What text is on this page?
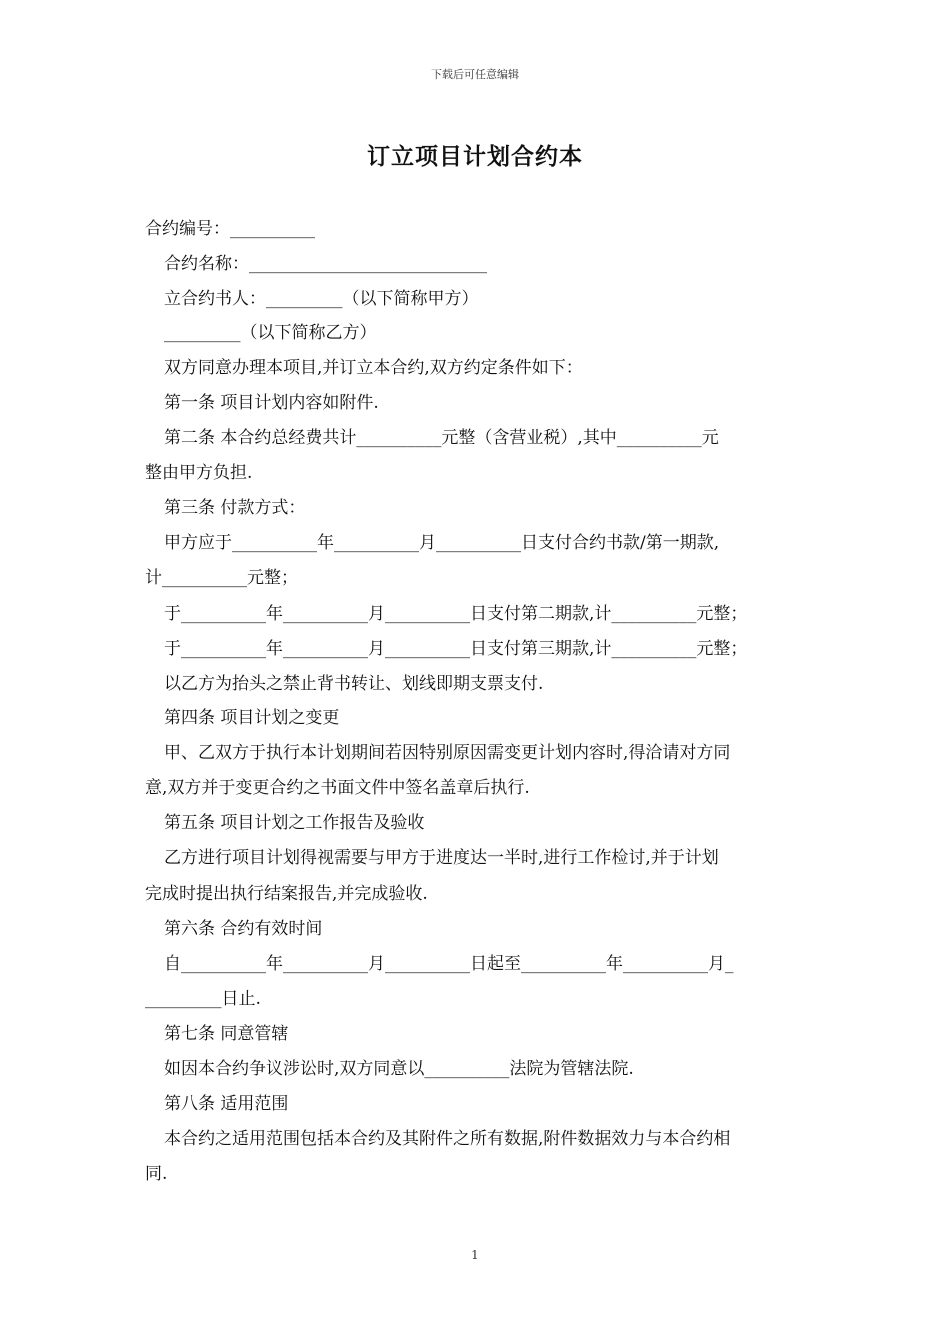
下载后可任意编辑
订立项目计划合约本
合约编号：__________
合约名称：____________________________
立合约书人：_________（以下简称甲方）
_________（以下简称乙方）
双方同意办理本项目,并订立本合约,双方约定条件如下：
第一条 项目计划内容如附件.
第二条 本合约总经费共计__________元整（含营业税）,其中__________元
整由甲方负担.
第三条 付款方式：
甲方应于__________年__________月__________日支付合约书款/第一期款,
计__________元整；
于__________年__________月__________日支付第二期款,计__________元整；
于__________年__________月__________日支付第三期款,计__________元整；
以乙方为抬头之禁止背书转让、划线即期支票支付.
第四条 项目计划之变更
甲、乙双方于执行本计划期间若因特别原因需变更计划内容时,得洽请对方同
意,双方并于变更合约之书面文件中签名盖章后执行.
第五条 项目计划之工作报告及验收
乙方进行项目计划得视需要与甲方于进度达一半时,进行工作检讨,并于计划
完成时提出执行结案报告,并完成验收.
第六条 合约有效时间
自__________年__________月__________日起至__________年__________月_
_________日止.
第七条 同意管辖
如因本合约争议涉讼时,双方同意以__________法院为管辖法院.
第八条 适用范围
本合约之适用范围包括本合约及其附件之所有数据,附件数据效力与本合约相
同.
1
